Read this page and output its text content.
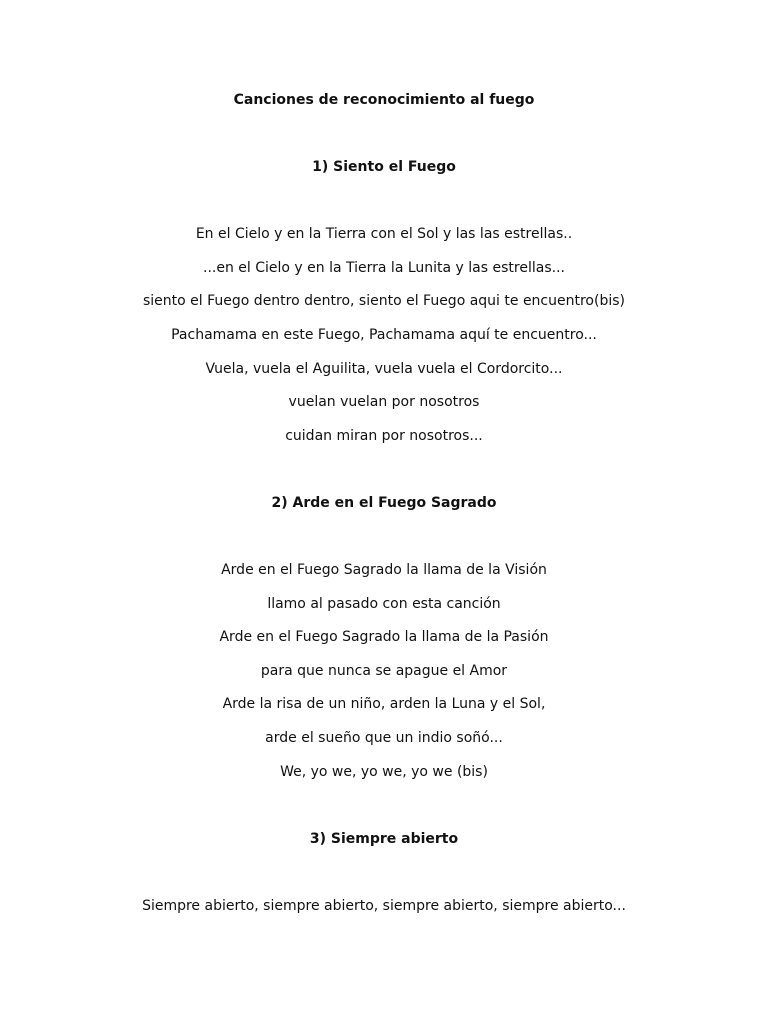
Canciones de reconocimiento al fuego
1) Siento el Fuego
En el Cielo y en la Tierra con el Sol y las las estrellas..
...en el Cielo y en la Tierra la Lunita y las estrellas...
siento el Fuego dentro dentro, siento el Fuego aqui te encuentro(bis)
Pachamama en este Fuego, Pachamama aquí te encuentro...
Vuela, vuela el Aguilita, vuela vuela el Cordorcito...
vuelan vuelan por nosotros
cuidan miran por nosotros...
2) Arde en el Fuego Sagrado
Arde en el Fuego Sagrado la llama de la Visión
llamo al pasado con esta canción
Arde en el Fuego Sagrado la llama de la Pasión
para que nunca se apague el Amor
Arde la risa de un niño, arden la Luna y el Sol,
arde el sueño que un indio soñó...
We, yo we, yo we, yo we (bis)
3) Siempre abierto
Siempre abierto, siempre abierto, siempre abierto, siempre abierto...
